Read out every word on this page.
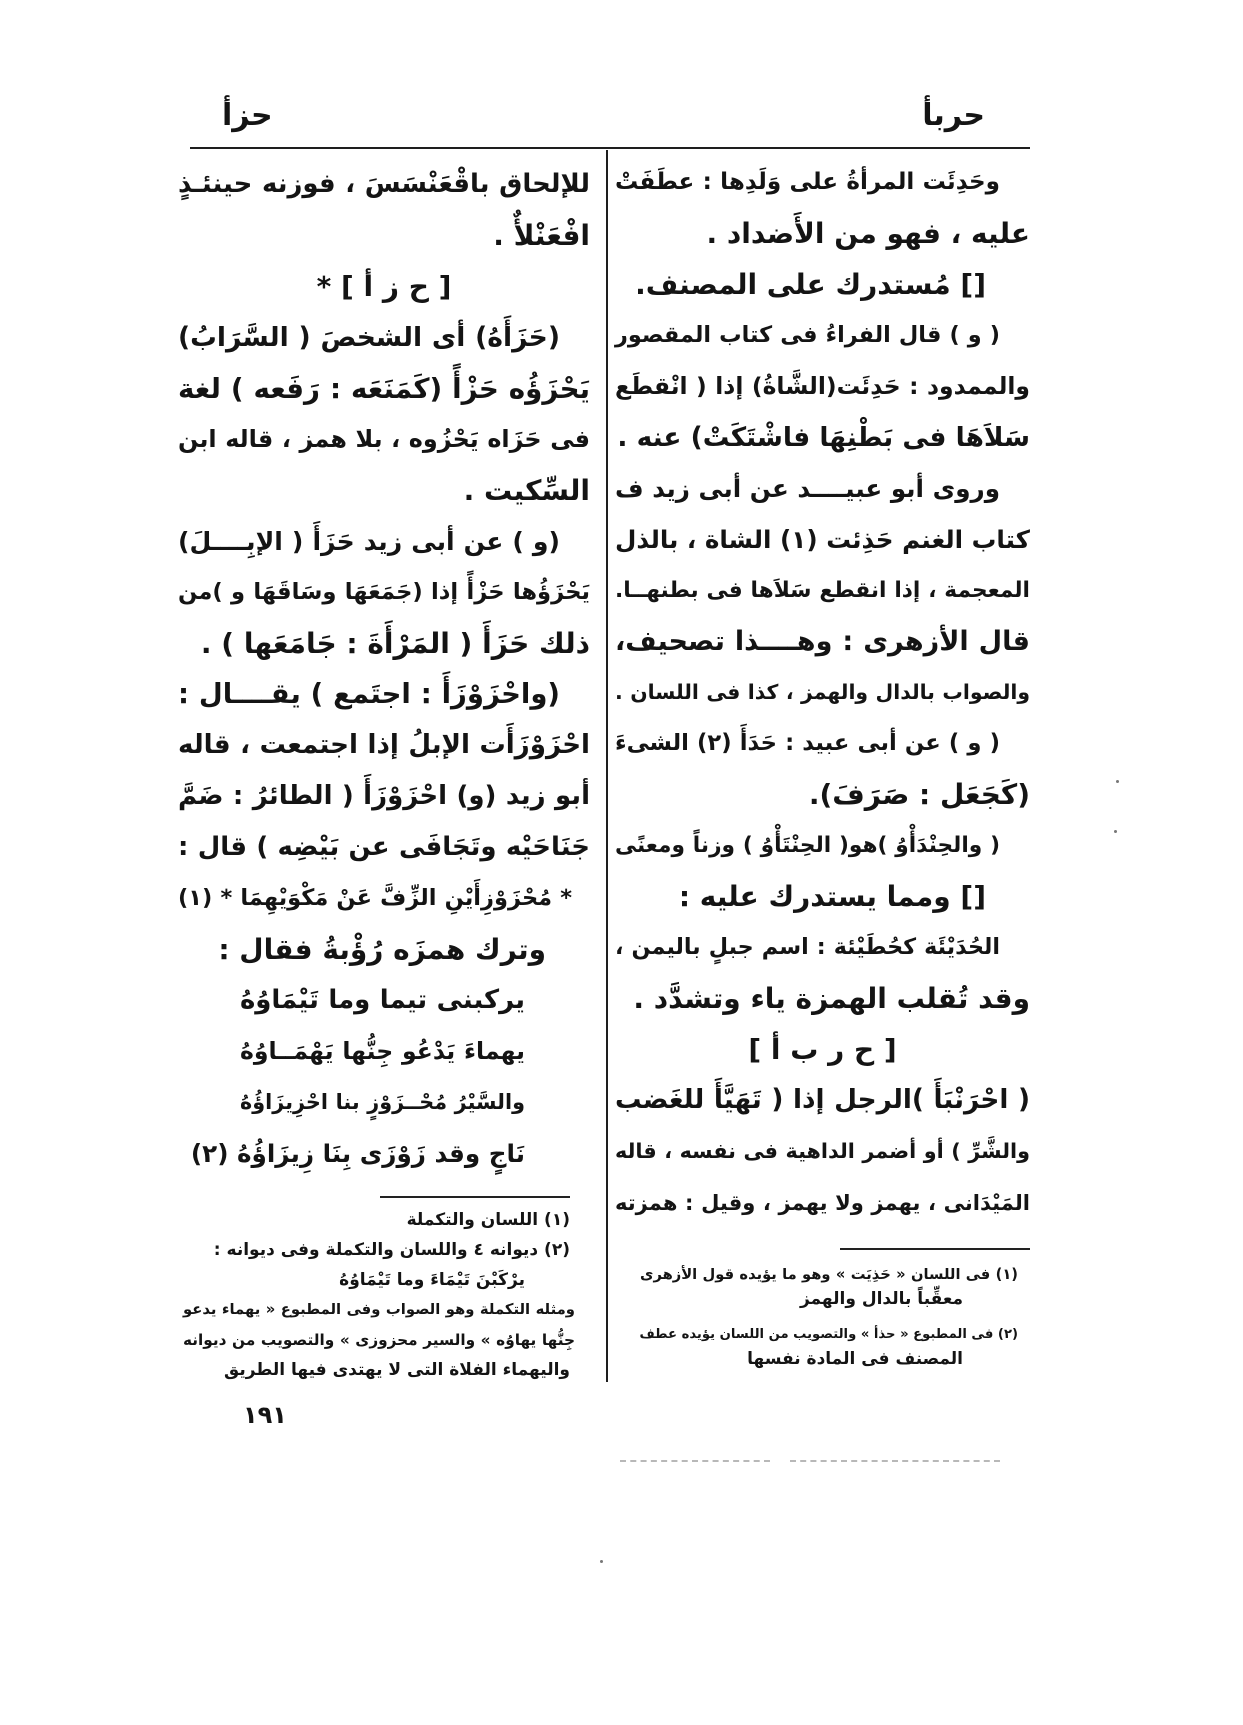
حربأ
حزأ
وحَدِئَت المرأةُ على وَلَدِها : عطَفَتْ
عليه ، فهو من الأَضداد .
[] مُستدرك على المصنف.
( و ) قال الفراءُ فى كتاب المقصور
والممدود : حَدِئَت(الشَّاةُ) إذا ( انْقطَع
سَلاَهَا فى بَطْنِهَا فاشْتَكَتْ) عنه .
وروى أبو عبيــــد عن أبى زيد ف
كتاب الغنم حَذِئت (١) الشاة ، بالذل
المعجمة ، إذا انقطع سَلاَها فى بطنهــا.
قال الأزهرى : وهــــذا تصحيف،
والصواب بالدال والهمز ، كذا فى اللسان .
( و ) عن أبى عبيد : حَدَأَ (٢) الشىءَ
(كَجَعَل : صَرَفَ).
( والحِنْدَأْوُ )هو( الحِنْتَأْوُ ) وزناً ومعنًى
[] ومما يستدرك عليه :
الحُدَيْئَة كحُطَيْئة : اسم جبلٍ باليمن ،
وقد تُقلب الهمزة ياء وتشدَّد .
[ ح ر ب أ ]
( احْرَنْبَأَ )الرجل إذا ( تَهَيَّأَ للغَضب
والشَّرِّ ) أو أضمر الداهية فى نفسه ، قاله
المَيْدَانى ، يهمز ولا يهمز ، وقيل : همزته
للإلحاق باقْعَنْسَسَ ، فوزنه حينئـذٍ
افْعَنْلأٌ .
[ ح ز أ ] *
(حَزَأَهُ) أى الشخصَ ( السَّرَابُ)
يَحْزَؤُه حَزْأً (كَمَنَعَه : رَفَعه ) لغة
فى حَزَاه يَحْزُوه ، بلا همز ، قاله ابن
السِّكيت .
(و ) عن أبى زيد حَزَأَ ( الإبِــــلَ)
يَحْزَؤُها حَزْأً إذا (جَمَعَهَا وسَاقَهَا و )من
ذلك حَزَأَ ( المَرْأَةَ : جَامَعَها ) .
(واحْزَوْزَأَ : اجتَمع ) يقــــال :
احْزَوْزَأَت الإبلُ إذا اجتمعت ، قاله
أبو زيد (و) احْزَوْزَأَ ( الطائرُ : ضَمَّ
جَنَاحَيْه وتَجَافَى عن بَيْضِه ) قال :
* مُحْزَوْزِأَيْنِ الزِّفَّ عَنْ مَكْوَيْهِمَا * (١)
وترك همزَه رُؤْبةُ فقال :
يركبنى تيما وما تَيْمَاوُهُ
يهماءَ يَدْعُو جِنُّها يَهْمَــاوُهُ
والسَّيْرُ مُحْــزَوْزٍ بنا احْزِيزَاؤُهُ
نَاجٍ وقد زَوْزَى بِنَا زِيزَاؤُهُ (٢)
(١) فى اللسان « حَذِيَت » وهو ما يؤيده قول الأزهرى
معقِّباً بالدال والهمز
(٢) فى المطبوع « حذأ » والتصويب من اللسان يؤيده عطف
المصنف فى المادة نفسها
(١) اللسان والتكملة
(٢) ديوانه ٤ واللسان والتكملة وفى ديوانه :
يرْكَبْنَ تَيْمَاءَ وما تَيْمَاوُهُ
ومثله التكملة وهو الصواب وفى المطبوع « يهماء يدعو
جِنُّها يهاوُه » والسير محزوزى » والتصويب من ديوانه
واليهماء الفلاة التى لا يهتدى فيها الطريق
١٩١
